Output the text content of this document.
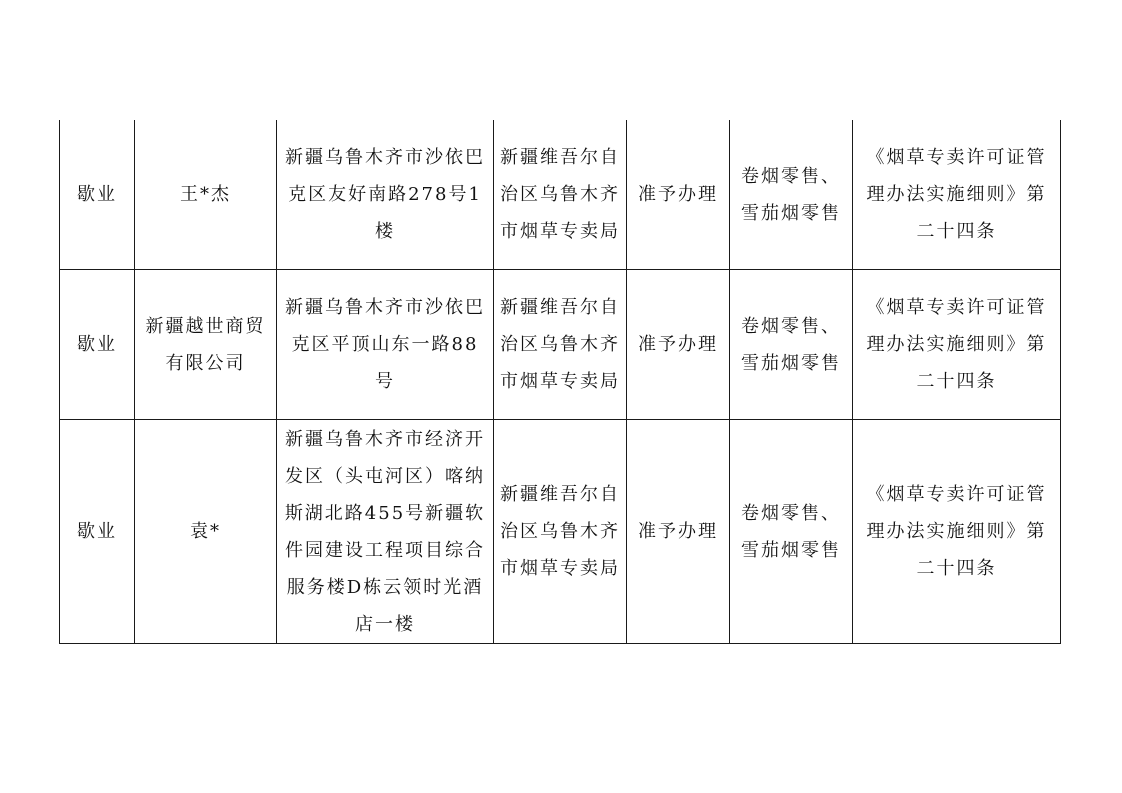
歇业	王*杰	新疆乌鲁木齐市沙依巴克区友好南路278号1楼	新疆维吾尔自治区乌鲁木齐市烟草专卖局	准予办理	卷烟零售、雪茄烟零售	《烟草专卖许可证管理办法实施细则》第二十四条

歇业	新疆越世商贸有限公司	新疆乌鲁木齐市沙依巴克区平顶山东一路88号	新疆维吾尔自治区乌鲁木齐市烟草专卖局	准予办理	卷烟零售、雪茄烟零售	《烟草专卖许可证管理办法实施细则》第二十四条

歇业	袁*	新疆乌鲁木齐市经济开发区（头屯河区）喀纳斯湖北路455号新疆软件园建设工程项目综合服务楼D栋云领时光酒店一楼	新疆维吾尔自治区乌鲁木齐市烟草专卖局	准予办理	卷烟零售、雪茄烟零售	《烟草专卖许可证管理办法实施细则》第二十四条
